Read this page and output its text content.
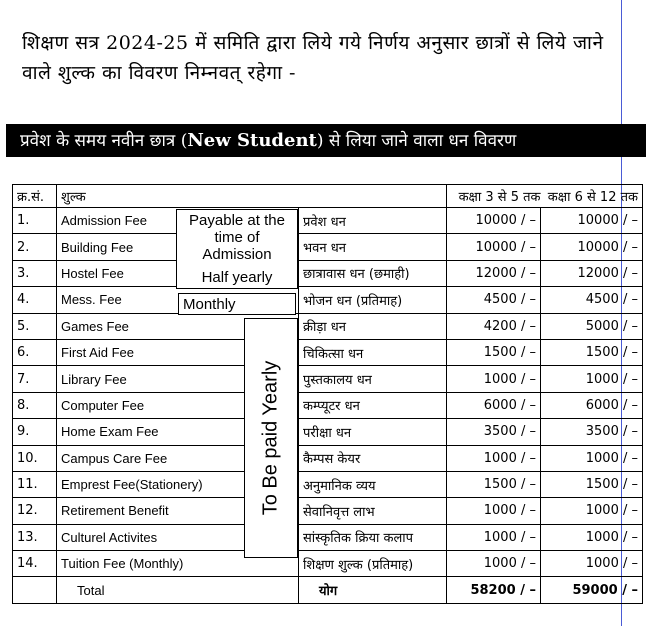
शिक्षण सत्र 2024-25 में समिति द्वारा लिये गये निर्णय अनुसार छात्रों से लिये जाने वाले शुल्क का विवरण निम्नवत् रहेगा -
प्रवेश के समय नवीन छात्र (New Student) से लिया जाने वाला धन विवरण
क्र.सं.	शुल्क		कक्षा 3 से 5 तक	कक्षा 6 से 12 तक
1.	Admission Fee	प्रवेश धन	10000 / –	10000 / –
2.	Building Fee	भवन धन	10000 / –	10000 / –
3.	Hostel Fee	छात्रावास धन (छमाही)	12000 / –	12000 / –
4.	Mess. Fee	भोजन धन (प्रतिमाह)	4500 / –	4500 / –
5.	Games Fee	क्रीड़ा धन	4200 / –	5000 / –
6.	First Aid Fee	चिकित्सा धन	1500 / –	1500 / –
7.	Library Fee	पुस्तकालय धन	1000 / –	1000 / –
8.	Computer Fee	कम्प्यूटर धन	6000 / –	6000 / –
9.	Home Exam Fee	परीक्षा धन	3500 / –	3500 / –
10.	Campus Care Fee	कैम्पस केयर	1000 / –	1000 / –
11.	Emprest Fee(Stationery)	अनुमानिक व्यय	1500 / –	1500 / –
12.	Retirement Benefit	सेवानिवृत्त लाभ	1000 / –	1000 / –
13.	Culturel Activites	सांस्कृतिक क्रिया कलाप	1000 / –	1000 / –
14.	Tuition Fee (Monthly)	शिक्षण शुल्क (प्रतिमाह)	1000 / –	1000 / –
	Total	योग	58200 / –	59000 / –
Payable at the
time of
Admission
Half yearly
Monthly
To Be paid Yearly
